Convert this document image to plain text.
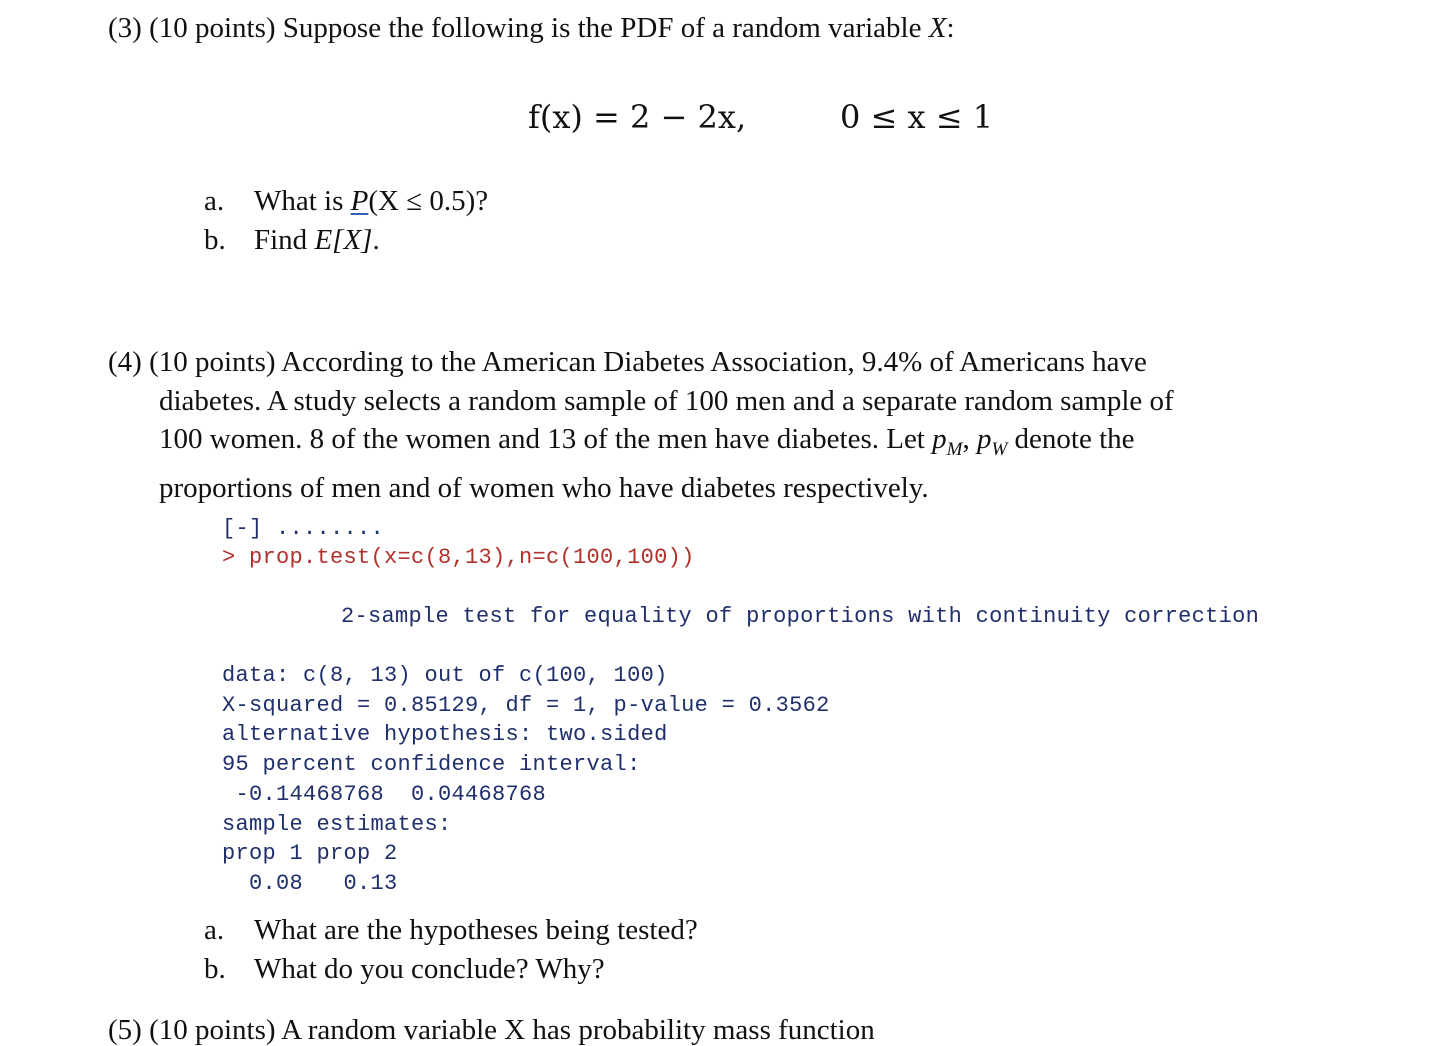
(3) (10 points) Suppose the following is the PDF of a random variable X:
f(x) = 2 − 2x,	0 ≤ x ≤ 1
a. What is P(X ≤ 0.5)?
b. Find E[X].
(4) (10 points) According to the American Diabetes Association, 9.4% of Americans have
diabetes. A study selects a random sample of 100 men and a separate random sample of
100 women. 8 of the women and 13 of the men have diabetes. Let $p_M$, $p_W$ denote the
proportions of men and of women who have diabetes respectively.
[-] ........
> prop.test(x=c(8,13),n=c(100,100))
2-sample test for equality of proportions with continuity correction
data: c(8, 13) out of c(100, 100)
X-squared = 0.85129, df = 1, p-value = 0.3562
alternative hypothesis: two.sided
95 percent confidence interval:
-0.14468768  0.04468768
sample estimates:
prop 1 prop 2
0.08   0.13
a. What are the hypotheses being tested?
b. What do you conclude? Why?
(5) (10 points) A random variable X has probability mass function
